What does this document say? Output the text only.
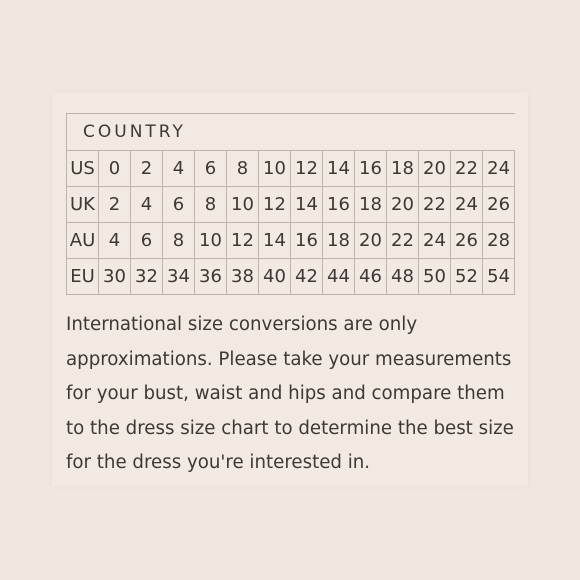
COUNTRY													
US	0	2	4	6	8	10	12	14	16	18	20	22	24
UK	2	4	6	8	10	12	14	16	18	20	22	24	26
AU	4	6	8	10	12	14	16	18	20	22	24	26	28
EU	30	32	34	36	38	40	42	44	46	48	50	52	54

International size conversions are only approximations. Please take your measurements for your bust, waist and hips and compare them to the dress size chart to determine the best size for the dress you're interested in.
